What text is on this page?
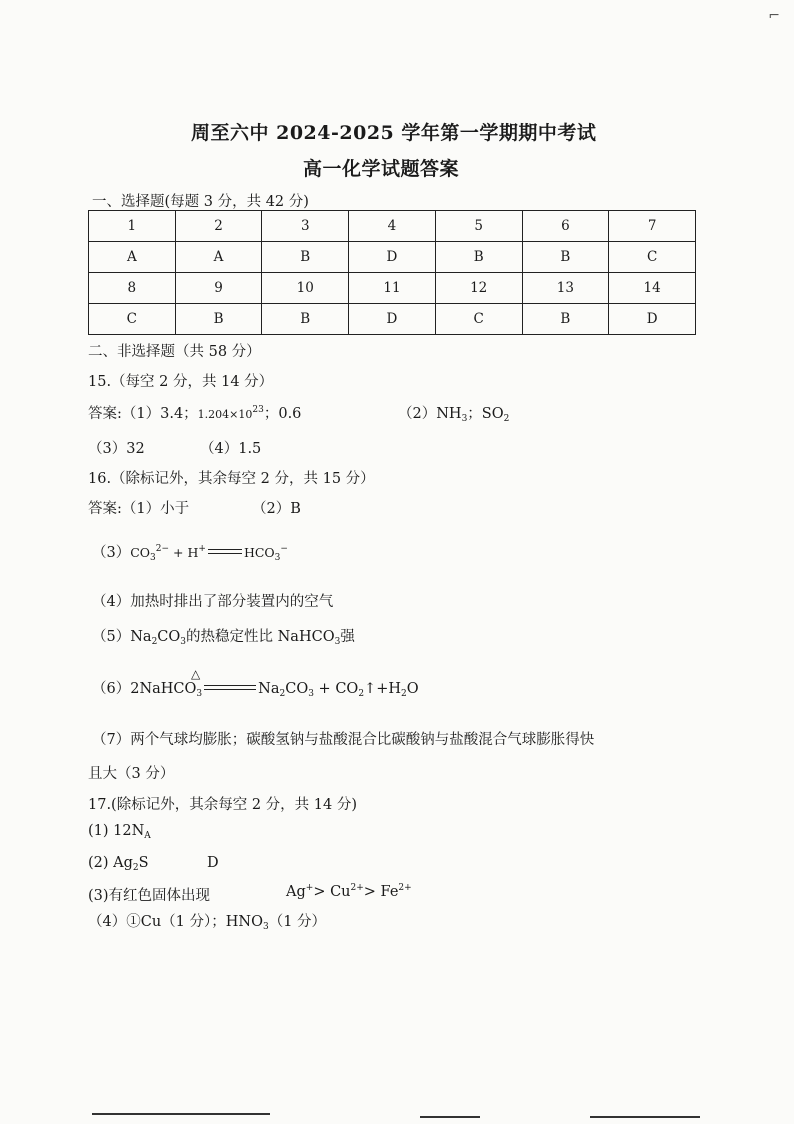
⌐
周至六中 2024-2025 学年第一学期期中考试
高一化学试题答案
一、选择题(每题 3 分，共 42 分)
1	2	3	4	5	6	7
A	A	B	D	B	B	C
8	9	10	11	12	13	14
C	B	B	D	C	B	D
二、非选择题（共 58 分）
15.（每空 2 分，共 14 分）
答案:（1）3.4；$1.204\times 10^{23}$；0.6	$(2)NH_3$；$SO_2$
（3）32	（4）1.5
16.（除标记外，其余每空 2 分，共 15 分）
答案:（1）小于	（2）B
$(3)CO_3^{2-} + H^+$	$HCO_3^-$
（4）加热时排出了部分装置内的空气
$(5)Na_2CO_3$的热稳定性比 NaHCO$_3$强
△
（6）2NaHCO$_3$	$Na_2CO_3$ + $CO_2↑+H_2O$
（7）两个气球均膨胀；碳酸氢钠与盐酸混合比碳酸钠与盐酸混合气球膨胀得快
且大（3 分）
17.(除标记外，其余每空 2 分，共 14 分)
(1) $12N_A$
(2) $Ag_2S$	D
(3)有红色固体出现	$Ag^+> Cu^{2+}> Fe^{2+}$
（4）①Cu（1 分）；$HNO_3(1$ 分）
